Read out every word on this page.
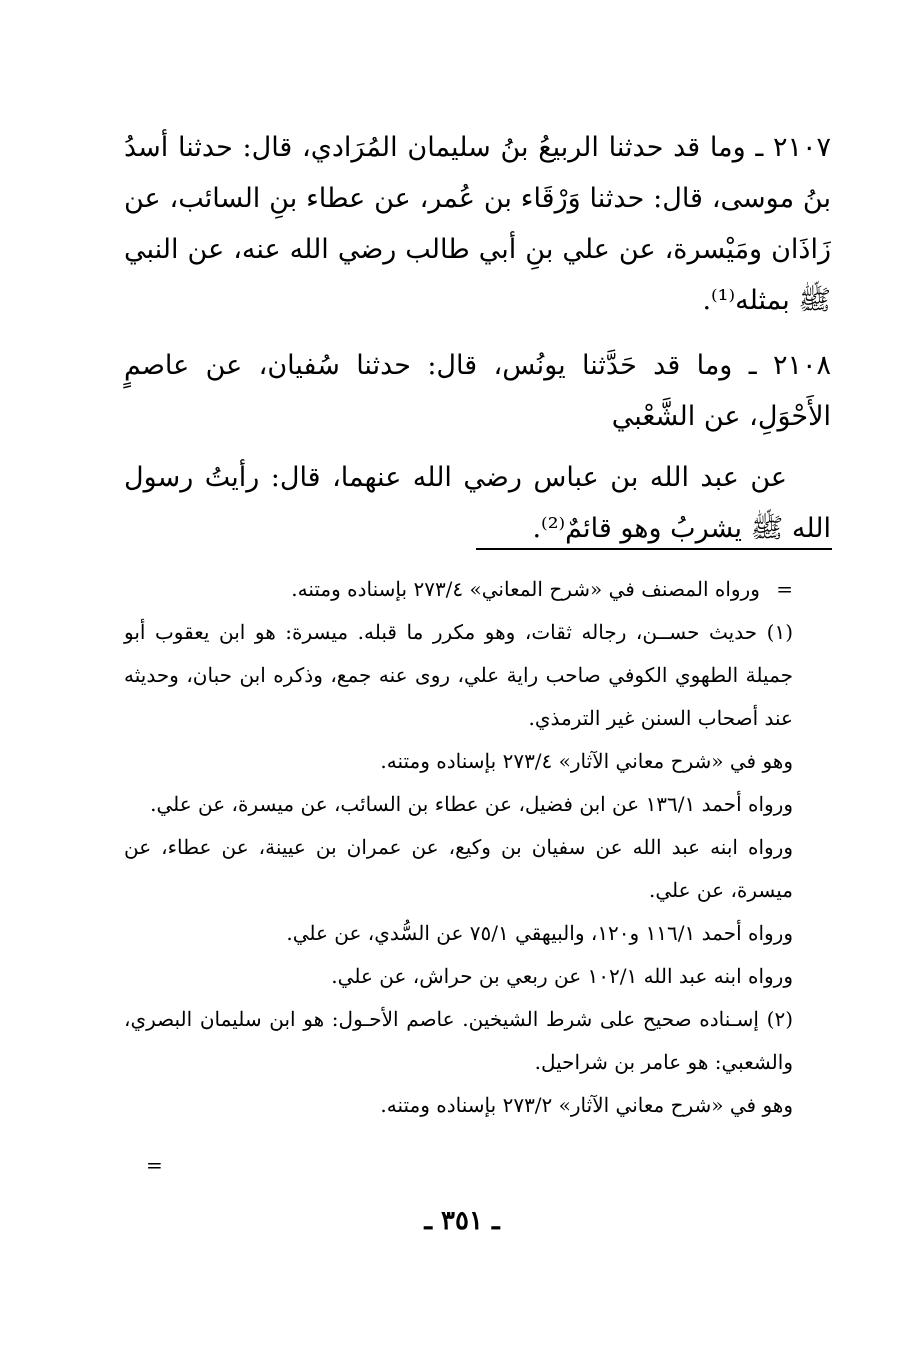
٢١٠٧ ـ وما قد حدثنا الربيعُ بنُ سليمان المُرَادي، قال: حدثنا أسدُ بنُ موسى، قال: حدثنا وَرْقَاء بن عُمر، عن عطاء بنِ السائب، عن زَاذَان ومَيْسرة، عن علي بنِ أبي طالب رضي الله عنه، عن النبي ﷺ بمثله⁽¹⁾.

٢١٠٨ ـ وما قد حَدَّثنا يونُس، قال: حدثنا سُفيان، عن عاصمٍ الأَحْوَلِ، عن الشَّعْبي

عن عبد الله بن عباس رضي الله عنهما، قال: رأيتُ رسول الله ﷺ يشربُ وهو قائمٌ⁽²⁾.

= ورواه المصنف في «شرح المعاني» ٢٧٣/٤ بإسناده ومتنه.

(١) حديث حســن، رجاله ثقات، وهو مكرر ما قبله. ميسرة: هو ابن يعقوب أبو جميلة الطهوي الكوفي صاحب راية علي، روى عنه جمع، وذكره ابن حبان، وحديثه عند أصحاب السنن غير الترمذي.

وهو في «شرح معاني الآثار» ٢٧٣/٤ بإسناده ومتنه.

ورواه أحمد ١٣٦/١ عن ابن فضيل، عن عطاء بن السائب، عن ميسرة، عن علي.

ورواه ابنه عبد الله عن سفيان بن وكيع، عن عمران بن عيينة، عن عطاء، عن ميسرة، عن علي.

ورواه أحمد ١١٦/١ و١٢٠، والبيهقي ٧٥/١ عن السُّدي، عن علي.

ورواه ابنه عبد الله ١٠٢/١ عن ربعي بن حراش، عن علي.

(٢) إسـناده صحيح على شرط الشيخين. عاصم الأحـول: هو ابن سليمان البصري، والشعبي: هو عامر بن شراحيل.

وهو في «شرح معاني الآثار» ٢٧٣/٢ بإسناده ومتنه.

=
ـ ٣٥١ ـ
